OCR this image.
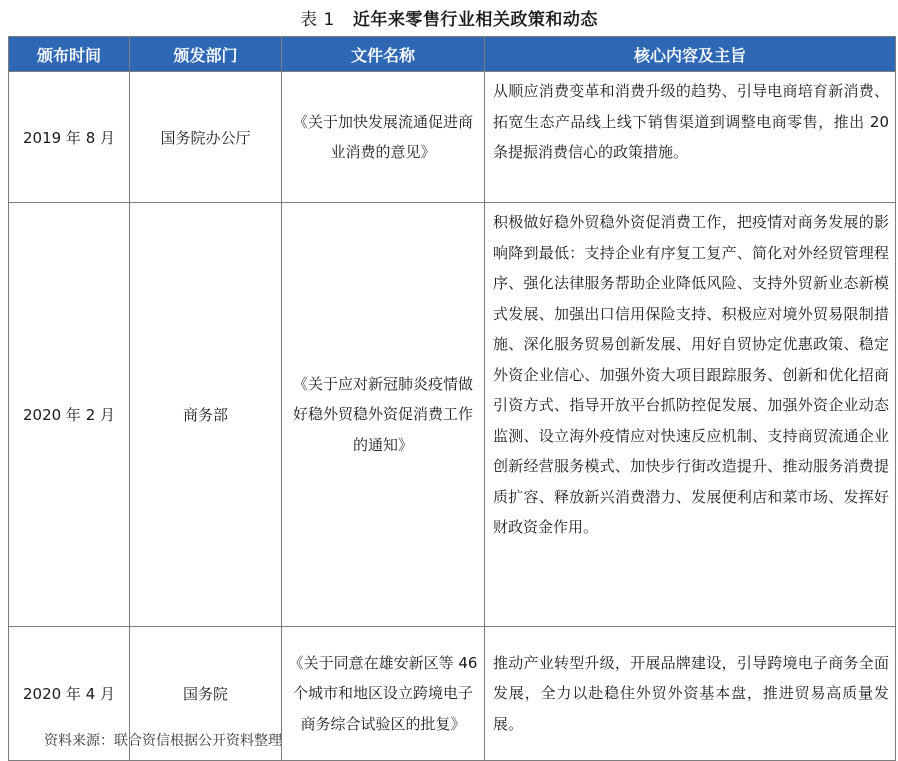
表 1 近年来零售行业相关政策和动态
颁布时间	颁发部门	文件名称	核心内容及主旨
2019 年 8 月	国务院办公厅	《关于加快发展流通促进商业消费的意见》	从顺应消费变革和消费升级的趋势、引导电商培育新消费、拓宽生态产品线上线下销售渠道到调整电商零售，推出 20 条提振消费信心的政策措施。
2020 年 2 月	商务部	《关于应对新冠肺炎疫情做好稳外贸稳外资促消费工作的通知》	积极做好稳外贸稳外资促消费工作，把疫情对商务发展的影响降到最低：支持企业有序复工复产、简化对外经贸管理程序、强化法律服务帮助企业降低风险、支持外贸新业态新模式发展、加强出口信用保险支持、积极应对境外贸易限制措施、深化服务贸易创新发展、用好自贸协定优惠政策、稳定外资企业信心、加强外资大项目跟踪服务、创新和优化招商引资方式、指导开放平台抓防控促发展、加强外资企业动态监测、设立海外疫情应对快速反应机制、支持商贸流通企业创新经营服务模式、加快步行街改造提升、推动服务消费提质扩容、释放新兴消费潜力、发展便利店和菜市场、发挥好财政资金作用。
2020 年 4 月	国务院	《关于同意在雄安新区等 46 个城市和地区设立跨境电子商务综合试验区的批复》	推动产业转型升级，开展品牌建设，引导跨境电子商务全面发展，全力以赴稳住外贸外资基本盘，推进贸易高质量发展。
资料来源：联合资信根据公开资料整理
